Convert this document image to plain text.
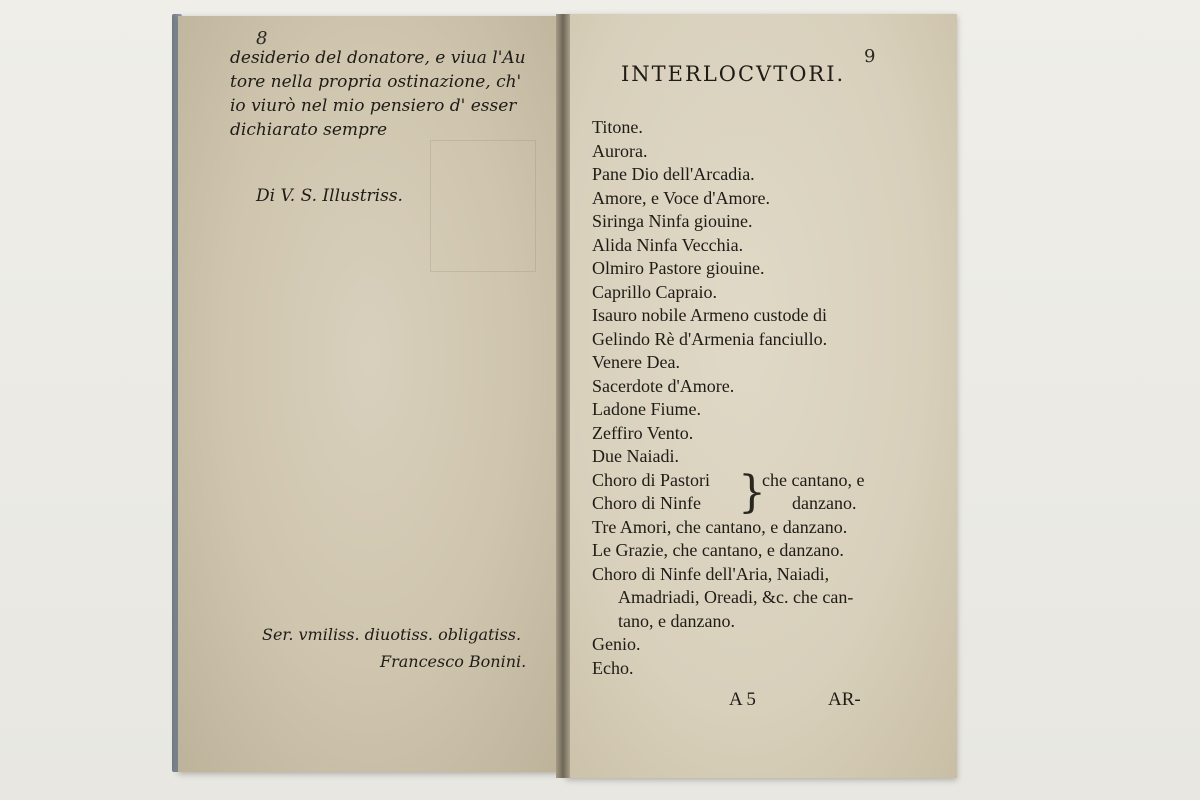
8
desiderio del donatore, e viua l'Au
tore nella propria ostinazione, ch'
io viurò nel mio pensiero d' esser
dichiarato sempre
Di V. S. Illustriss.
Ser. vmiliss. diuotiss. obligatiss.
Francesco Bonini.
9
INTERLOCVTORI.
Titone.
Aurora.
Pane Dio dell'Arcadia.
Amore, e Voce d'Amore.
Siringa Ninfa giouine.
Alida Ninfa Vecchia.
Olmiro Pastore giouine.
Caprillo Capraio.
Isauro nobile Armeno custode di
Gelindo Rè d'Armenia fanciullo.
Venere Dea.
Sacerdote d'Amore.
Ladone Fiume.
Zeffiro Vento.
Due Naiadi.
Choro di Pastori
Choro di Ninfe }
che cantano, e
danzano.
Tre Amori, che cantano, e danzano.
Le Grazie, che cantano, e danzano.
Choro di Ninfe dell'Aria, Naiadi,
Amadriadi, Oreadi, &c. che can-
tano, e danzano.
Genio.
Echo.
A 5	AR-
